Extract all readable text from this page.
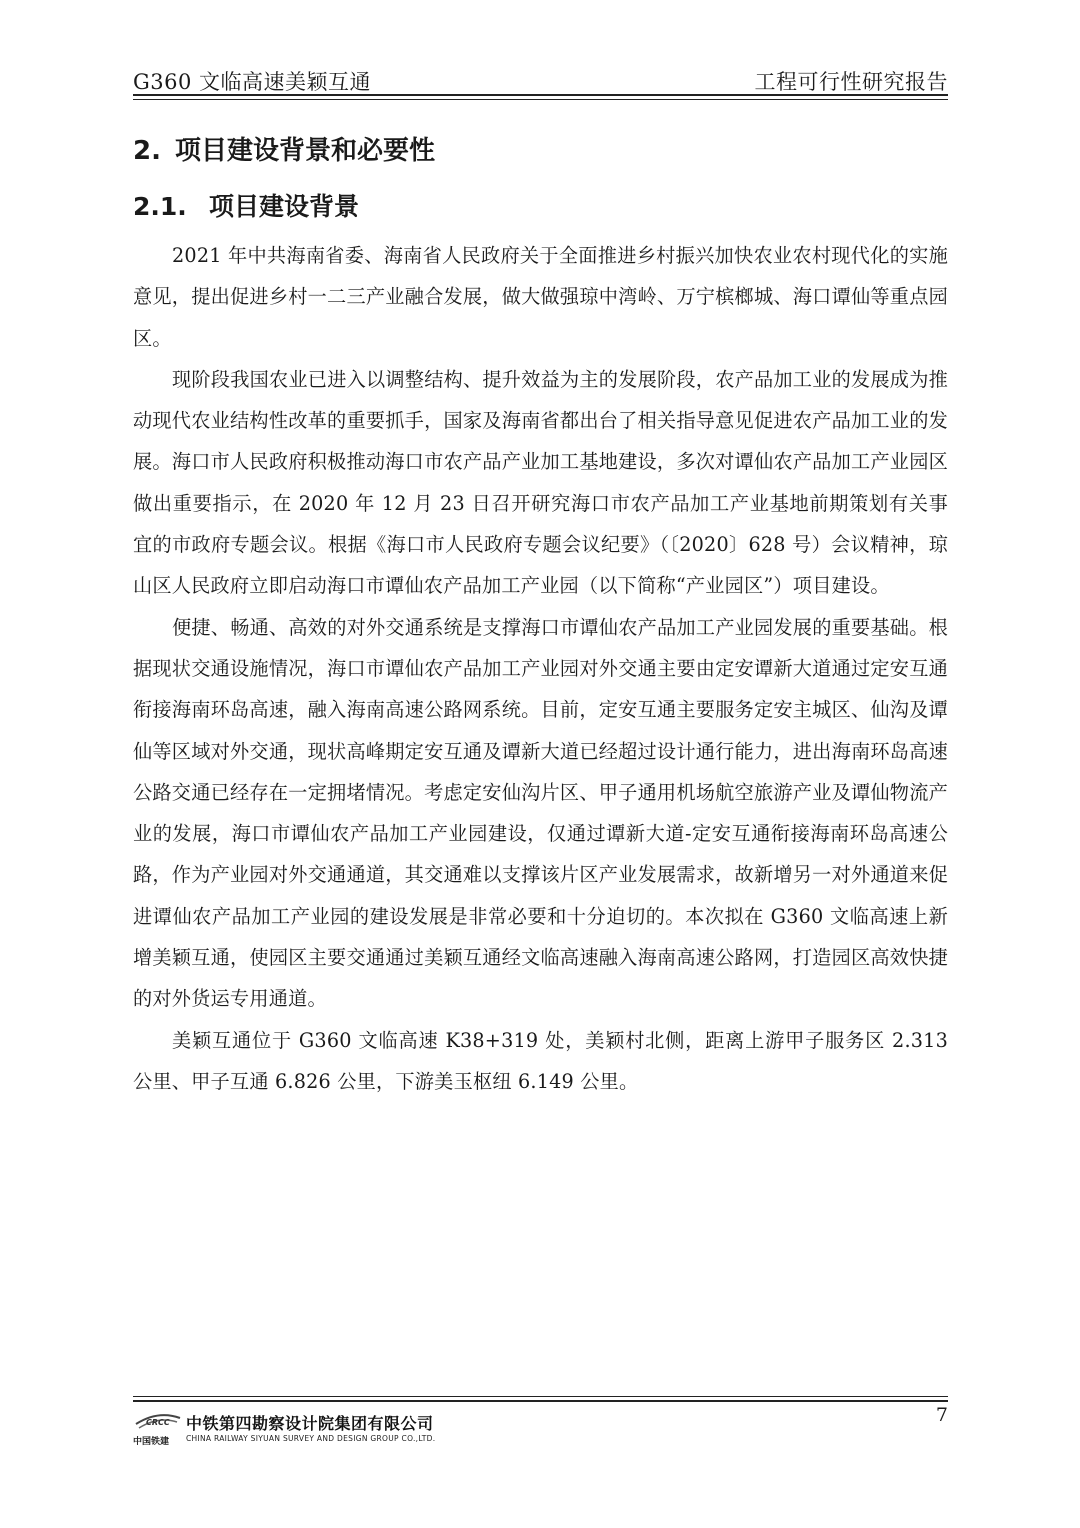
G360 文临高速美颖互通	工程可行性研究报告
2. 项目建设背景和必要性
2.1. 项目建设背景

2021 年中共海南省委、海南省人民政府关于全面推进乡村振兴加快农业农村现代化的实施意见，提出促进乡村一二三产业融合发展，做大做强琼中湾岭、万宁槟榔城、海口谭仙等重点园区。

现阶段我国农业已进入以调整结构、提升效益为主的发展阶段，农产品加工业的发展成为推动现代农业结构性改革的重要抓手，国家及海南省都出台了相关指导意见促进农产品加工业的发展。海口市人民政府积极推动海口市农产品产业加工基地建设，多次对谭仙农产品加工产业园区做出重要指示，在 2020 年 12 月 23 日召开研究海口市农产品加工产业基地前期策划有关事宜的市政府专题会议。根据《海口市人民政府专题会议纪要》（〔2020〕628 号）会议精神，琼山区人民政府立即启动海口市谭仙农产品加工产业园（以下简称“产业园区”）项目建设。

便捷、畅通、高效的对外交通系统是支撑海口市谭仙农产品加工产业园发展的重要基础。根据现状交通设施情况，海口市谭仙农产品加工产业园对外交通主要由定安谭新大道通过定安互通衔接海南环岛高速，融入海南高速公路网系统。目前，定安互通主要服务定安主城区、仙沟及谭仙等区域对外交通，现状高峰期定安互通及谭新大道已经超过设计通行能力，进出海南环岛高速公路交通已经存在一定拥堵情况。考虑定安仙沟片区、甲子通用机场航空旅游产业及谭仙物流产业的发展，海口市谭仙农产品加工产业园建设，仅通过谭新大道-定安互通衔接海南环岛高速公路，作为产业园对外交通通道，其交通难以支撑该片区产业发展需求，故新增另一对外通道来促进谭仙农产品加工产业园的建设发展是非常必要和十分迫切的。本次拟在 G360 文临高速上新增美颖互通，使园区主要交通通过美颖互通经文临高速融入海南高速公路网，打造园区高效快捷的对外货运专用通道。

美颖互通位于 G360 文临高速 K38+319 处，美颖村北侧，距离上游甲子服务区 2.313 公里、甲子互通 6.826 公里，下游美玉枢纽 6.149 公里。

CRCC
中国铁建
中铁第四勘察设计院集团有限公司
CHINA RAILWAY SIYUAN SURVEY AND DESIGN GROUP CO.,LTD.
7
